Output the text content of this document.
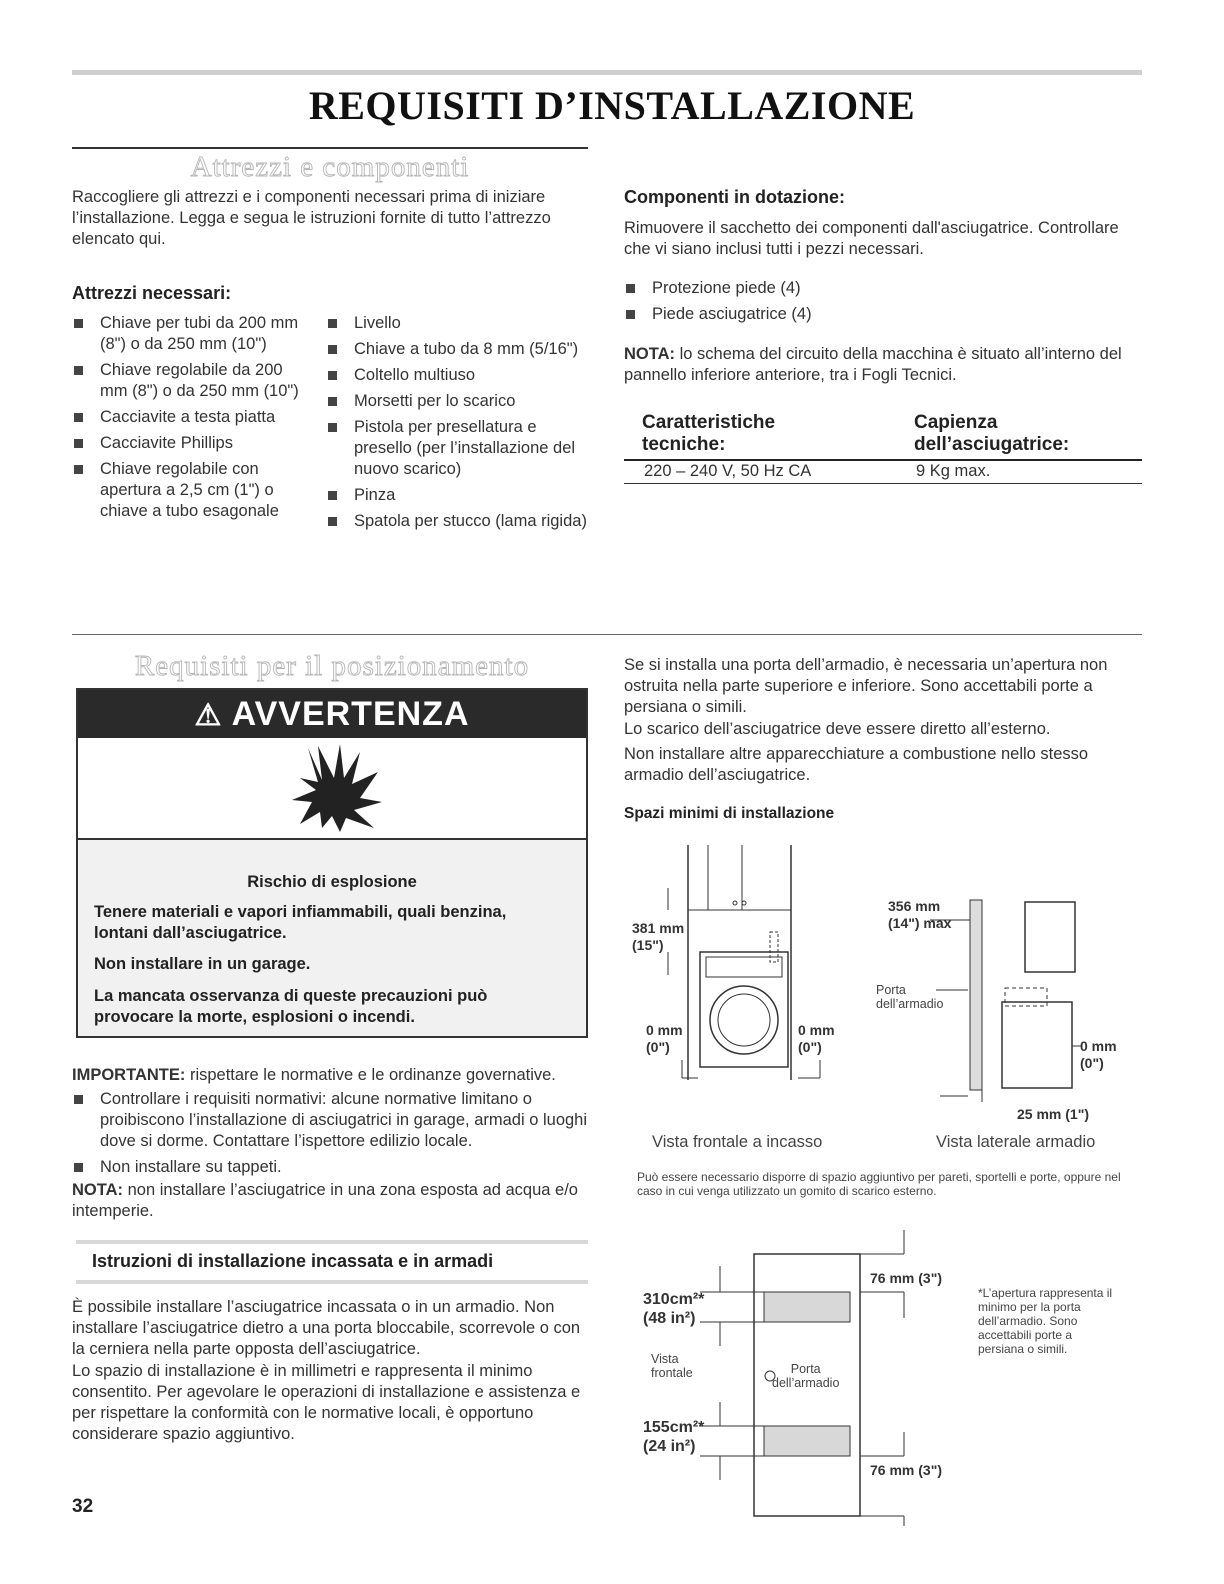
REQUISITI D’INSTALLAZIONE
Attrezzi e componenti
Raccogliere gli attrezzi e i componenti necessari prima di iniziare l’installazione. Legga e segua le istruzioni fornite di tutto l’attrezzo elencato qui.
Attrezzi necessari:
Chiave per tubi da 200 mm (8") o da 250 mm (10")
Chiave regolabile da 200 mm (8") o da 250 mm (10")
Cacciavite a testa piatta
Cacciavite Phillips
Chiave regolabile con apertura a 2,5 cm (1") o chiave a tubo esagonale
Livello
Chiave a tubo da 8 mm (5/16")
Coltello multiuso
Morsetti per lo scarico
Pistola per presellatura e presello (per l’installazione del nuovo scarico)
Pinza
Spatola per stucco (lama rigida)
Componenti in dotazione:
Rimuovere il sacchetto dei componenti dall'asciugatrice. Controllare che vi siano inclusi tutti i pezzi necessari.
Protezione piede (4)
Piede asciugatrice (4)
NOTA: lo schema del circuito della macchina è situato all’interno del pannello inferiore anteriore, tra i Fogli Tecnici.
Caratteristiche
tecniche:
220 – 240 V, 50 Hz CA
Capienza
dell’asciugatrice:
9 Kg max.
Requisiti per il posizionamento
⚠ AVVERTENZA
Rischio di esplosione
Tenere materiali e vapori infiammabili, quali benzina, lontani dall’asciugatrice.
Non installare in un garage.
La mancata osservanza di queste precauzioni può provocare la morte, esplosioni o incendi.
IMPORTANTE: rispettare le normative e le ordinanze governative.
Controllare i requisiti normativi: alcune normative limitano o proibiscono l’installazione di asciugatrici in garage, armadi o luoghi dove si dorme. Contattare l’ispettore edilizio locale.
Non installare su tappeti.
NOTA: non installare l’asciugatrice in una zona esposta ad acqua e/o intemperie.
Istruzioni di installazione incassata e in armadi
È possibile installare l’asciugatrice incassata o in un armadio. Non installare l’asciugatrice dietro a una porta bloccabile, scorrevole o con la cerniera nella parte opposta dell’asciugatrice.
Lo spazio di installazione è in millimetri e rappresenta il minimo consentito. Per agevolare le operazioni di installazione e assistenza e per rispettare la conformità con le normative locali, è opportuno considerare spazio aggiuntivo.
Se si installa una porta dell’armadio, è necessaria un’apertura non ostruita nella parte superiore e inferiore. Sono accettabili porte a persiana o simili.
Lo scarico dell’asciugatrice deve essere diretto all’esterno.
Non installare altre apparecchiature a combustione nello stesso armadio dell’asciugatrice.
Spazi minimi di installazione
381 mm
(15")
0 mm
(0")
0 mm
(0")
Vista frontale a incasso
356 mm
(14") max
Porta
dell’armadio
0 mm
(0")
25 mm (1")
Vista laterale armadio
Può essere necessario disporre di spazio aggiuntivo per pareti, sportelli e porte, oppure nel caso in cui venga utilizzato un gomito di scarico esterno.
310cm²*
(48 in²)
Vista
frontale
155cm²*
(24 in²)
Porta
dell’armadio
76 mm (3")
76 mm (3")
*L’apertura rappresenta il minimo per la porta dell’armadio. Sono accettabili porte a persiana o simili.
32
